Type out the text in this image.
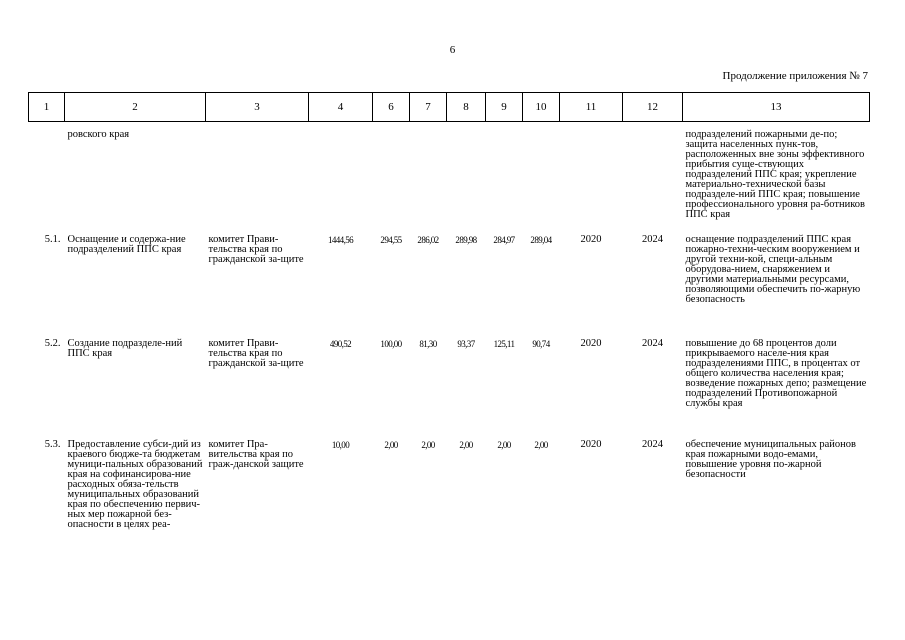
6
Продолжение приложения № 7
1	2	3	4	6	7	8	9	10	11	12	13
	ровского края										подразделений пожарными де-по; защита населенных пунк-тов, расположенных вне зоны эффективного прибытия суще-ствующих подразделений ППС края; укрепление материально-технической базы подразделе-ний ППС края; повышение профессионального уровня ра-ботников ППС края
5.1.	Оснащение и содержа-ние подразделений ППС края	комитет Прави-тельства края по гражданской за-щите	1444,56	294,55	286,02	289,98	284,97	289,04	2020	2024	оснащение подразделений ППС края пожарно-техни-ческим вооружением и другой техни-кой, специ-альным оборудова-нием, снаряжением и другими материальными ресурсами, позволяющими обеспечить по-жарную безопасность
5.2.	Создание подразделе-ний ППС края	комитет Прави-тельства края по гражданской за-щите	490,52	100,00	81,30	93,37	125,11	90,74	2020	2024	повышение до 68 процентов доли прикрываемого населе-ния края подразделениями ППС, в процентах от общего количества населения края; возведение пожарных депо; размещение подразделений Противопожарной службы края
5.3.	Предоставление субси-дий из краевого бюдже-та бюджетам муници-пальных образований края на софинансирова-ние расходных обяза-тельств муниципальных образований края по обеспечению первич-ных мер пожарной без-опасности в целях реа-	комитет Пра-вительства края по граж-данской защите	10,00	2,00	2,00	2,00	2,00	2,00	2020	2024	обеспечение муниципальных районов края пожарными водо-емами, повышение уровня по-жарной безопасности
